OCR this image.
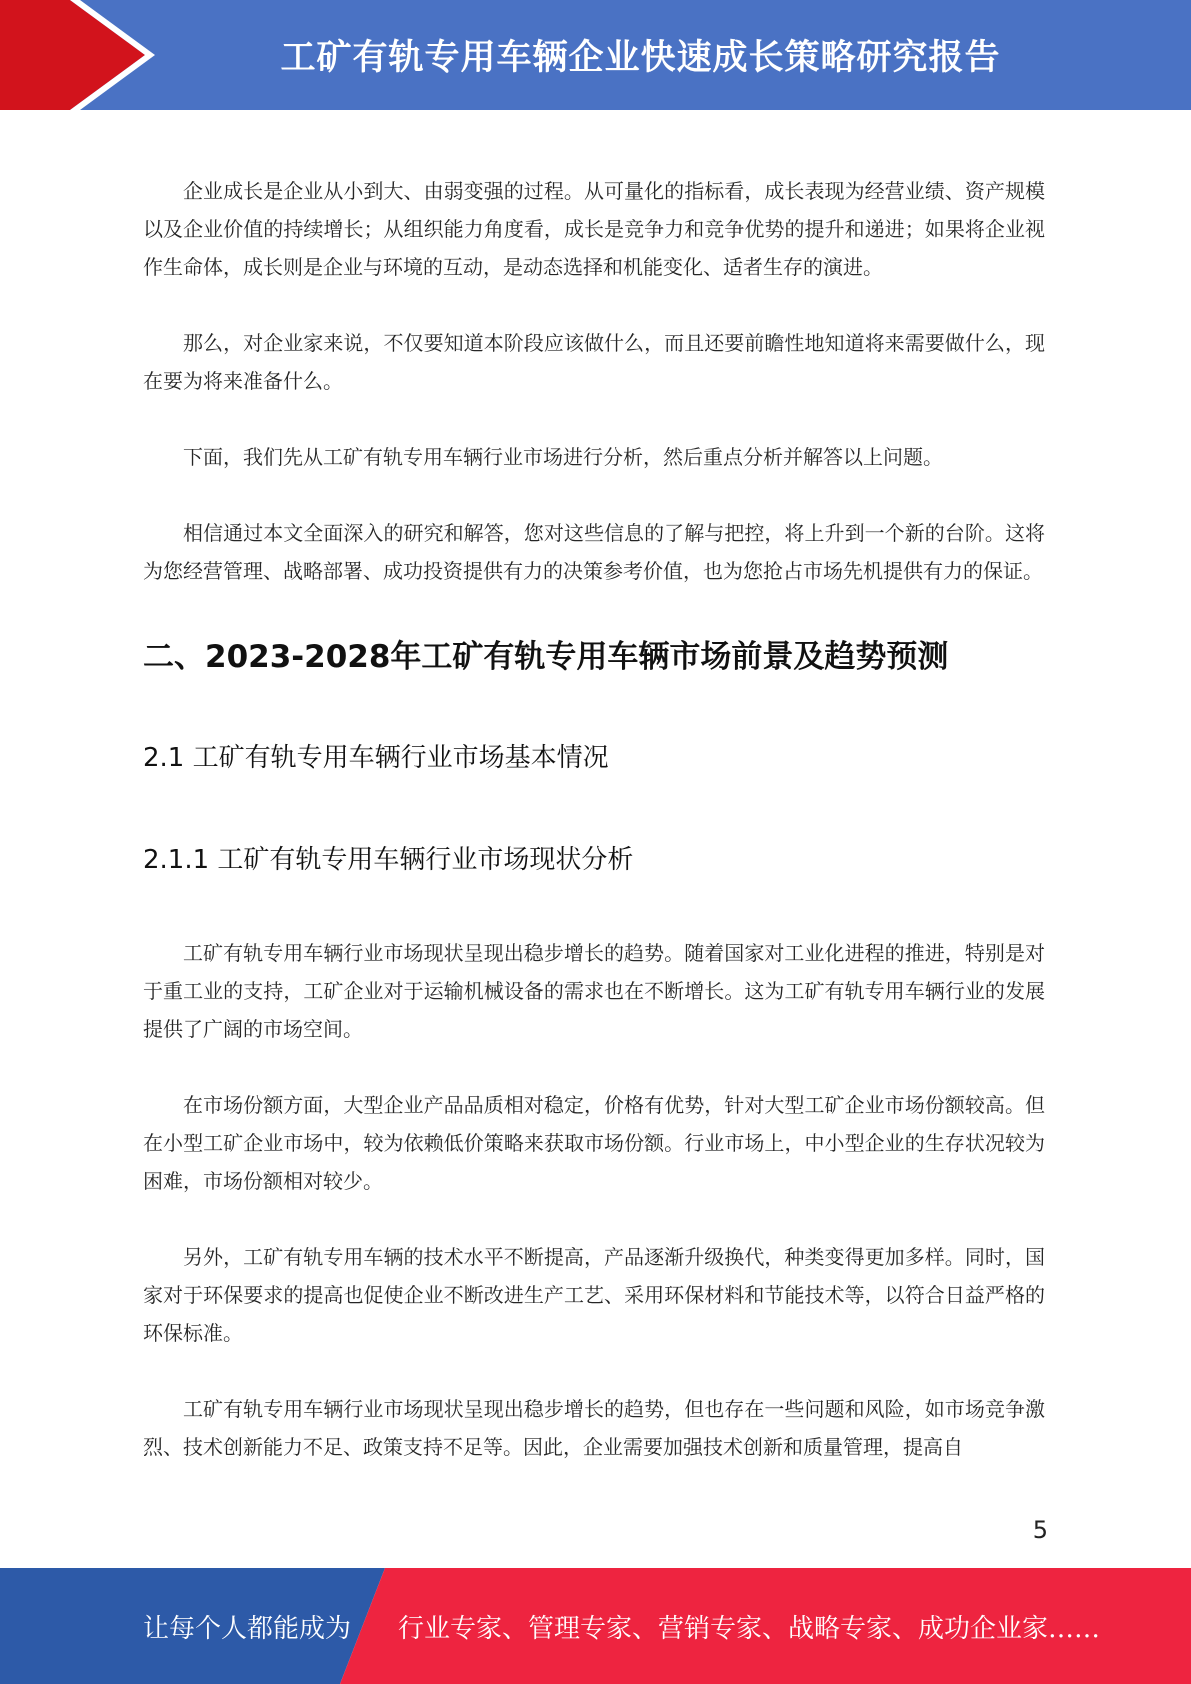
工矿有轨专用车辆企业快速成长策略研究报告

企业成长是企业从小到大、由弱变强的过程。从可量化的指标看，成长表现为经营业绩、资产规模以及企业价值的持续增长；从组织能力角度看，成长是竞争力和竞争优势的提升和递进；如果将企业视作生命体，成长则是企业与环境的互动，是动态选择和机能变化、适者生存的演进。

那么，对企业家来说，不仅要知道本阶段应该做什么，而且还要前瞻性地知道将来需要做什么，现在要为将来准备什么。

下面，我们先从工矿有轨专用车辆行业市场进行分析，然后重点分析并解答以上问题。

相信通过本文全面深入的研究和解答，您对这些信息的了解与把控，将上升到一个新的台阶。这将为您经营管理、战略部署、成功投资提供有力的决策参考价值，也为您抢占市场先机提供有力的保证。

二、2023-2028年工矿有轨专用车辆市场前景及趋势预测
2.1 工矿有轨专用车辆行业市场基本情况
2.1.1 工矿有轨专用车辆行业市场现状分析

工矿有轨专用车辆行业市场现状呈现出稳步增长的趋势。随着国家对工业化进程的推进，特别是对于重工业的支持，工矿企业对于运输机械设备的需求也在不断增长。这为工矿有轨专用车辆行业的发展提供了广阔的市场空间。

在市场份额方面，大型企业产品品质相对稳定，价格有优势，针对大型工矿企业市场份额较高。但在小型工矿企业市场中，较为依赖低价策略来获取市场份额。行业市场上，中小型企业的生存状况较为困难，市场份额相对较少。

另外，工矿有轨专用车辆的技术水平不断提高，产品逐渐升级换代，种类变得更加多样。同时，国家对于环保要求的提高也促使企业不断改进生产工艺、采用环保材料和节能技术等，以符合日益严格的环保标准。

工矿有轨专用车辆行业市场现状呈现出稳步增长的趋势，但也存在一些问题和风险，如市场竞争激烈、技术创新能力不足、政策支持不足等。因此，企业需要加强技术创新和质量管理，提高自

5
让每个人都能成为 行业专家、管理专家、营销专家、战略专家、成功企业家……
